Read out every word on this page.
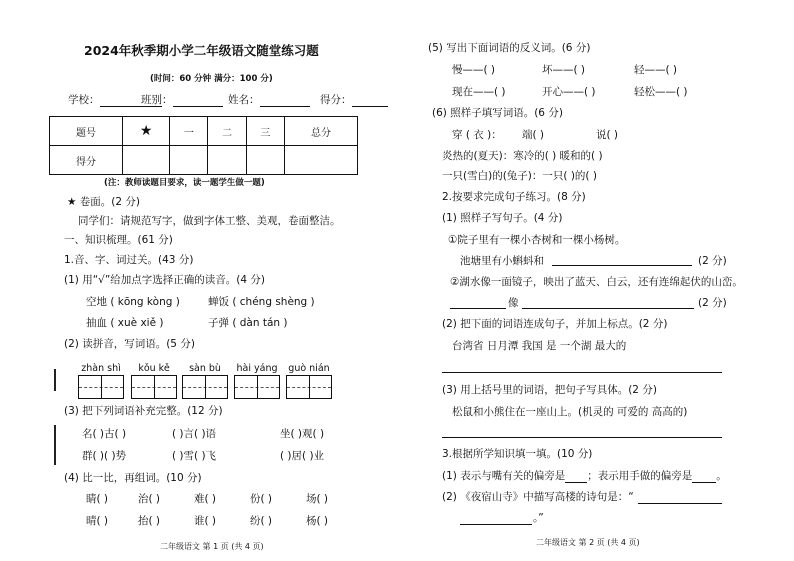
2024年秋季期小学二年级语文随堂练习题
(时间：60 分钟 满分：100 分)
学校：	班别：	姓名：	得分：
题号	★	一	二	三	总分
得分					
(注：教师读题目要求，读一题学生做一题)
★ 卷面。(2 分)
同学们：请规范写字，做到字体工整、美观，卷面整洁。
一、知识梳理。(61 分)
1.音、字、词过关。(43 分)
(1) 用“√”给加点字选择正确的读音。(4 分)
空地 ( kōng kòng )	蝉饭 ( chéng shèng )
抽血 ( xuè xiě )	子弹 ( dàn tán )
(2) 读拼音，写词语。(5 分)
zhàn shì	kǒu kě	sàn bù	hài yáng	guò nián
(3) 把下列词语补充完整。(12 分)
名( )古( )	( )言( )语	坐( )观( )
群( )( )势	( )雪( )飞	( )居( )业
(4) 比一比，再组词。(10 分)
睛( )	治( )	难( )	份( )	场( )
晴( )	抬( )	谁( )	纷( )	杨( )
二年级语文 第 1 页 (共 4 页)
(5) 写出下面词语的反义词。(6 分)
慢——( )	坏——( )	轻——( )
现在——( )	开心——( )	轻松——( )
(6) 照样子填写词语。(6 分)
穿 ( 衣 )： 端( )	说( )
炎热的(夏天)：寒冷的( ) 暖和的( )
一只(雪白)的(兔子)：一只( )的( )
2.按要求完成句子练习。(8 分)
(1) 照样子写句子。(4 分)
①院子里有一棵小杏树和一棵小杨树。
池塘里有小蝌蚪和	(2 分)
②湖水像一面镜子，映出了蓝天、白云，还有连绵起伏的山峦。
像	(2 分)
(2) 把下面的词语连成句子，并加上标点。(2 分)
台湾省 日月潭 我国 是 一个湖 最大的
(3) 用上括号里的词语，把句子写具体。(2 分)
松鼠和小熊住在一座山上。(机灵的 可爱的 高高的)
3.根据所学知识填一填。(10 分)
(1) 表示与嘴有关的偏旁是 ；表示用手做的偏旁是 。
(2) 《夜宿山寺》中描写高楼的诗句是：“
。”
二年级语文 第 2 页 (共 4 页)
